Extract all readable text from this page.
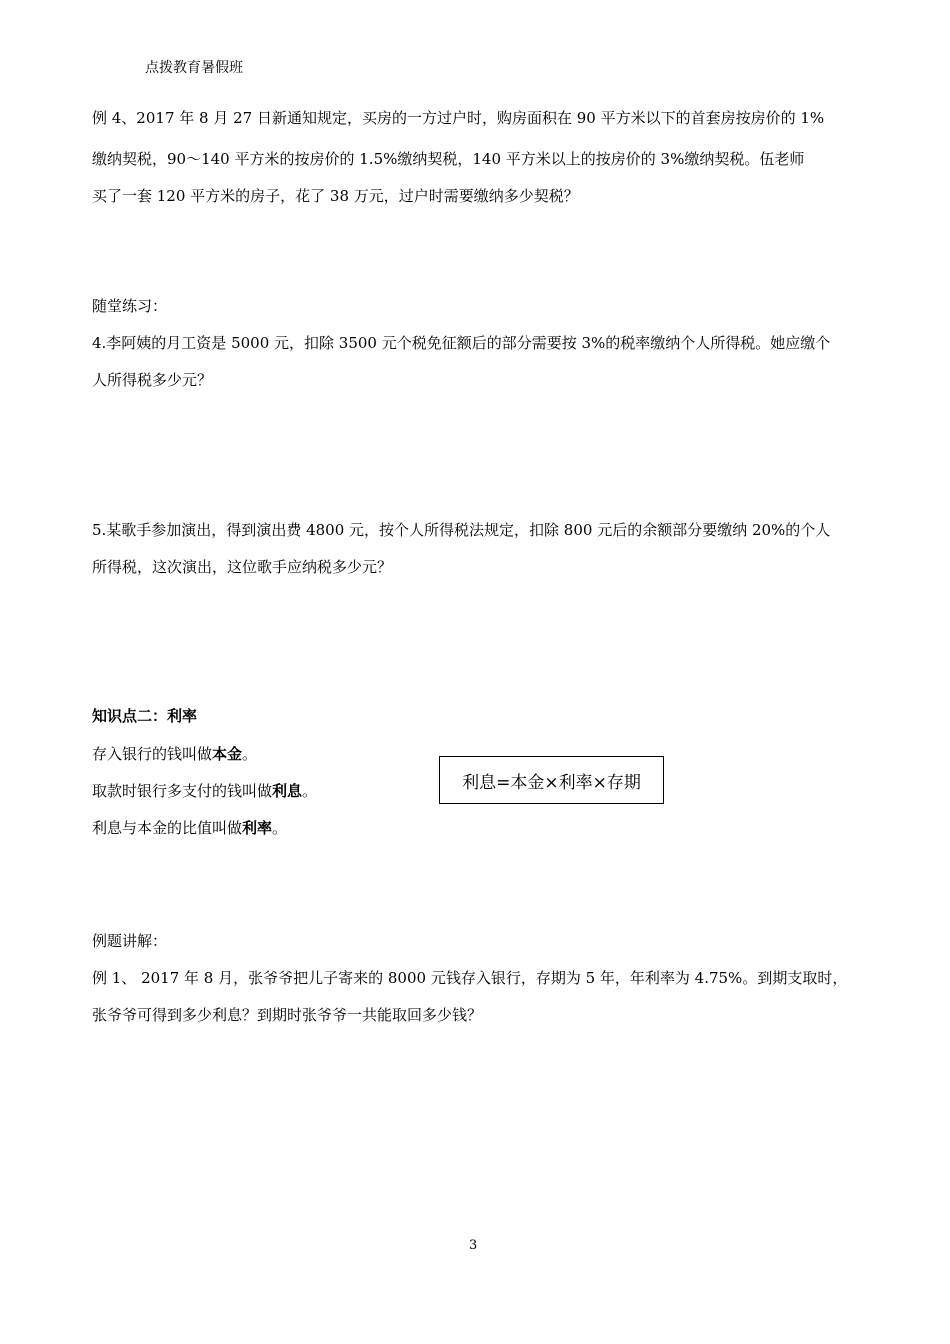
点拨教育暑假班
例 4、2017 年 8 月 27 日新通知规定，买房的一方过户时，购房面积在 90 平方米以下的首套房按房价的 1%
缴纳契税，90～140 平方米的按房价的 1.5%缴纳契税，140 平方米以上的按房价的 3%缴纳契税。伍老师
买了一套 120 平方米的房子，花了 38 万元，过户时需要缴纳多少契税？
随堂练习：
4.李阿姨的月工资是 5000 元，扣除 3500 元个税免征额后的部分需要按 3%的税率缴纳个人所得税。她应缴个
人所得税多少元？
5.某歌手参加演出，得到演出费 4800 元，按个人所得税法规定，扣除 800 元后的余额部分要缴纳 20%的个人
所得税，这次演出，这位歌手应纳税多少元？
知识点二：利率
存入银行的钱叫做本金。
取款时银行多支付的钱叫做利息。
利息与本金的比值叫做利率。
利息=本金×利率×存期
例题讲解：
例 1、 2017 年 8 月，张爷爷把儿子寄来的 8000 元钱存入银行，存期为 5 年，年利率为 4.75%。到期支取时，
张爷爷可得到多少利息？到期时张爷爷一共能取回多少钱？
3
